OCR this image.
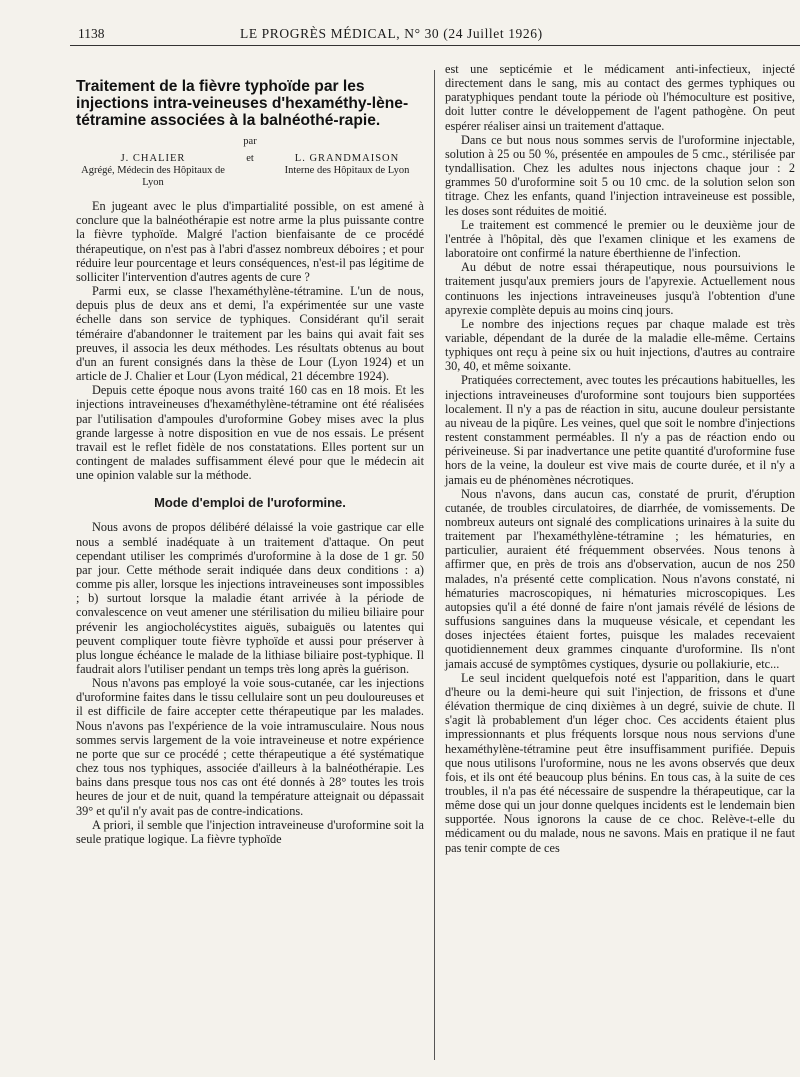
1138	LE PROGRÈS MÉDICAL, N° 30 (24 Juillet 1926)
Traitement de la fièvre typhoïde par les injections intra-veineuses d'hexaméthy-lène-tétramine associées à la balnéothé-rapie.
par
J. CHALIER
Agrégé, Médecin des Hôpitaux de Lyon
et	L. GRANDMAISON
Interne des Hôpitaux de Lyon

En jugeant avec le plus d'impartialité possible, on est amené à conclure que la balnéothérapie est notre arme la plus puissante contre la fièvre typhoïde. Malgré l'action bienfaisante de ce procédé thérapeutique, on n'est pas à l'abri d'assez nombreux déboires ; et pour réduire leur pourcentage et leurs conséquences, n'est-il pas légitime de solliciter l'intervention d'autres agents de cure ?

Parmi eux, se classe l'hexaméthylène-tétramine. L'un de nous, depuis plus de deux ans et demi, l'a expérimentée sur une vaste échelle dans son service de typhiques. Considérant qu'il serait téméraire d'abandonner le traitement par les bains qui avait fait ses preuves, il associa les deux méthodes. Les résultats obtenus au bout d'un an furent consignés dans la thèse de Lour (Lyon 1924) et un article de J. Chalier et Lour (Lyon médical, 21 décembre 1924).

Depuis cette époque nous avons traité 160 cas en 18 mois. Et les injections intraveineuses d'hexaméthylène-tétramine ont été réalisées par l'utilisation d'ampoules d'uroformine Gobey mises avec la plus grande largesse à notre disposition en vue de nos essais. Le présent travail est le reflet fidèle de nos constatations. Elles portent sur un contingent de malades suffisamment élevé pour que le médecin ait une opinion valable sur la méthode.

Mode d'emploi de l'uroformine.

Nous avons de propos délibéré délaissé la voie gastrique car elle nous a semblé inadéquate à un traitement d'attaque. On peut cependant utiliser les comprimés d'uroformine à la dose de 1 gr. 50 par jour. Cette méthode serait indiquée dans deux conditions : a) comme pis aller, lorsque les injections intraveineuses sont impossibles ; b) surtout lorsque la maladie étant arrivée à la période de convalescence on veut amener une stérilisation du milieu biliaire pour prévenir les angiocholécystites aiguës, subaiguës ou latentes qui peuvent compliquer toute fièvre typhoïde et aussi pour préserver à plus longue échéance le malade de la lithiase biliaire post-typhique. Il faudrait alors l'utiliser pendant un temps très long après la guérison.

Nous n'avons pas employé la voie sous-cutanée, car les injections d'uroformine faites dans le tissu cellulaire sont un peu douloureuses et il est difficile de faire accepter cette thérapeutique par les malades. Nous n'avons pas l'expérience de la voie intramusculaire. Nous nous sommes servis largement de la voie intraveineuse et notre expérience ne porte que sur ce procédé ; cette thérapeutique a été systématique chez tous nos typhiques, associée d'ailleurs à la balnéothérapie. Les bains dans presque tous nos cas ont été donnés à 28° toutes les trois heures de jour et de nuit, quand la température atteignait ou dépassait 39° et qu'il n'y avait pas de contre-indications.

A priori, il semble que l'injection intraveineuse d'uroformine soit la seule pratique logique. La fièvre typhoïde

est une septicémie et le médicament anti-infectieux, injecté directement dans le sang, mis au contact des germes typhiques ou paratyphiques pendant toute la période où l'hémoculture est positive, doit lutter contre le développement de l'agent pathogène. On peut espérer réaliser ainsi un traitement d'attaque.

Dans ce but nous nous sommes servis de l'uroformine injectable, solution à 25 ou 50 %, présentée en ampoules de 5 cmc., stérilisée par tyndallisation. Chez les adultes nous injectons chaque jour : 2 grammes 50 d'uroformine soit 5 ou 10 cmc. de la solution selon son titrage. Chez les enfants, quand l'injection intraveineuse est possible, les doses sont réduites de moitié.

Le traitement est commencé le premier ou le deuxième jour de l'entrée à l'hôpital, dès que l'examen clinique et les examens de laboratoire ont confirmé la nature éberthienne de l'infection.

Au début de notre essai thérapeutique, nous poursuivions le traitement jusqu'aux premiers jours de l'apyrexie. Actuellement nous continuons les injections intraveineuses jusqu'à l'obtention d'une apyrexie complète depuis au moins cinq jours.

Le nombre des injections reçues par chaque malade est très variable, dépendant de la durée de la maladie elle-même. Certains typhiques ont reçu à peine six ou huit injections, d'autres au contraire 30, 40, et même soixante.

Pratiquées correctement, avec toutes les précautions habituelles, les injections intraveineuses d'uroformine sont toujours bien supportées localement. Il n'y a pas de réaction in situ, aucune douleur persistante au niveau de la piqûre. Les veines, quel que soit le nombre d'injections restent constamment perméables. Il n'y a pas de réaction endo ou périveineuse. Si par inadvertance une petite quantité d'uroformine fuse hors de la veine, la douleur est vive mais de courte durée, et il n'y a jamais eu de phénomènes nécrotiques.

Nous n'avons, dans aucun cas, constaté de prurit, d'éruption cutanée, de troubles circulatoires, de diarrhée, de vomissements. De nombreux auteurs ont signalé des complications urinaires à la suite du traitement par l'hexaméthylène-tétramine ; les hématuries, en particulier, auraient été fréquemment observées. Nous tenons à affirmer que, en près de trois ans d'observation, aucun de nos 250 malades, n'a présenté cette complication. Nous n'avons constaté, ni hématuries macroscopiques, ni hématuries microscopiques. Les autopsies qu'il a été donné de faire n'ont jamais révélé de lésions de suffusions sanguines dans la muqueuse vésicale, et cependant les doses injectées étaient fortes, puisque les malades recevaient quotidiennement deux grammes cinquante d'uroformine. Ils n'ont jamais accusé de symptômes cystiques, dysurie ou pollakiurie, etc...

Le seul incident quelquefois noté est l'apparition, dans le quart d'heure ou la demi-heure qui suit l'injection, de frissons et d'une élévation thermique de cinq dixièmes à un degré, suivie de chute. Il s'agit là probablement d'un léger choc. Ces accidents étaient plus impressionnants et plus fréquents lorsque nous nous servions d'une hexaméthylène-tétramine peut être insuffisamment purifiée. Depuis que nous utilisons l'uroformine, nous ne les avons observés que deux fois, et ils ont été beaucoup plus bénins. En tous cas, à la suite de ces troubles, il n'a pas été nécessaire de suspendre la thérapeutique, car la même dose qui un jour donne quelques incidents est le lendemain bien supportée. Nous ignorons la cause de ce choc. Relève-t-elle du médicament ou du malade, nous ne savons. Mais en pratique il ne faut pas tenir compte de ces
